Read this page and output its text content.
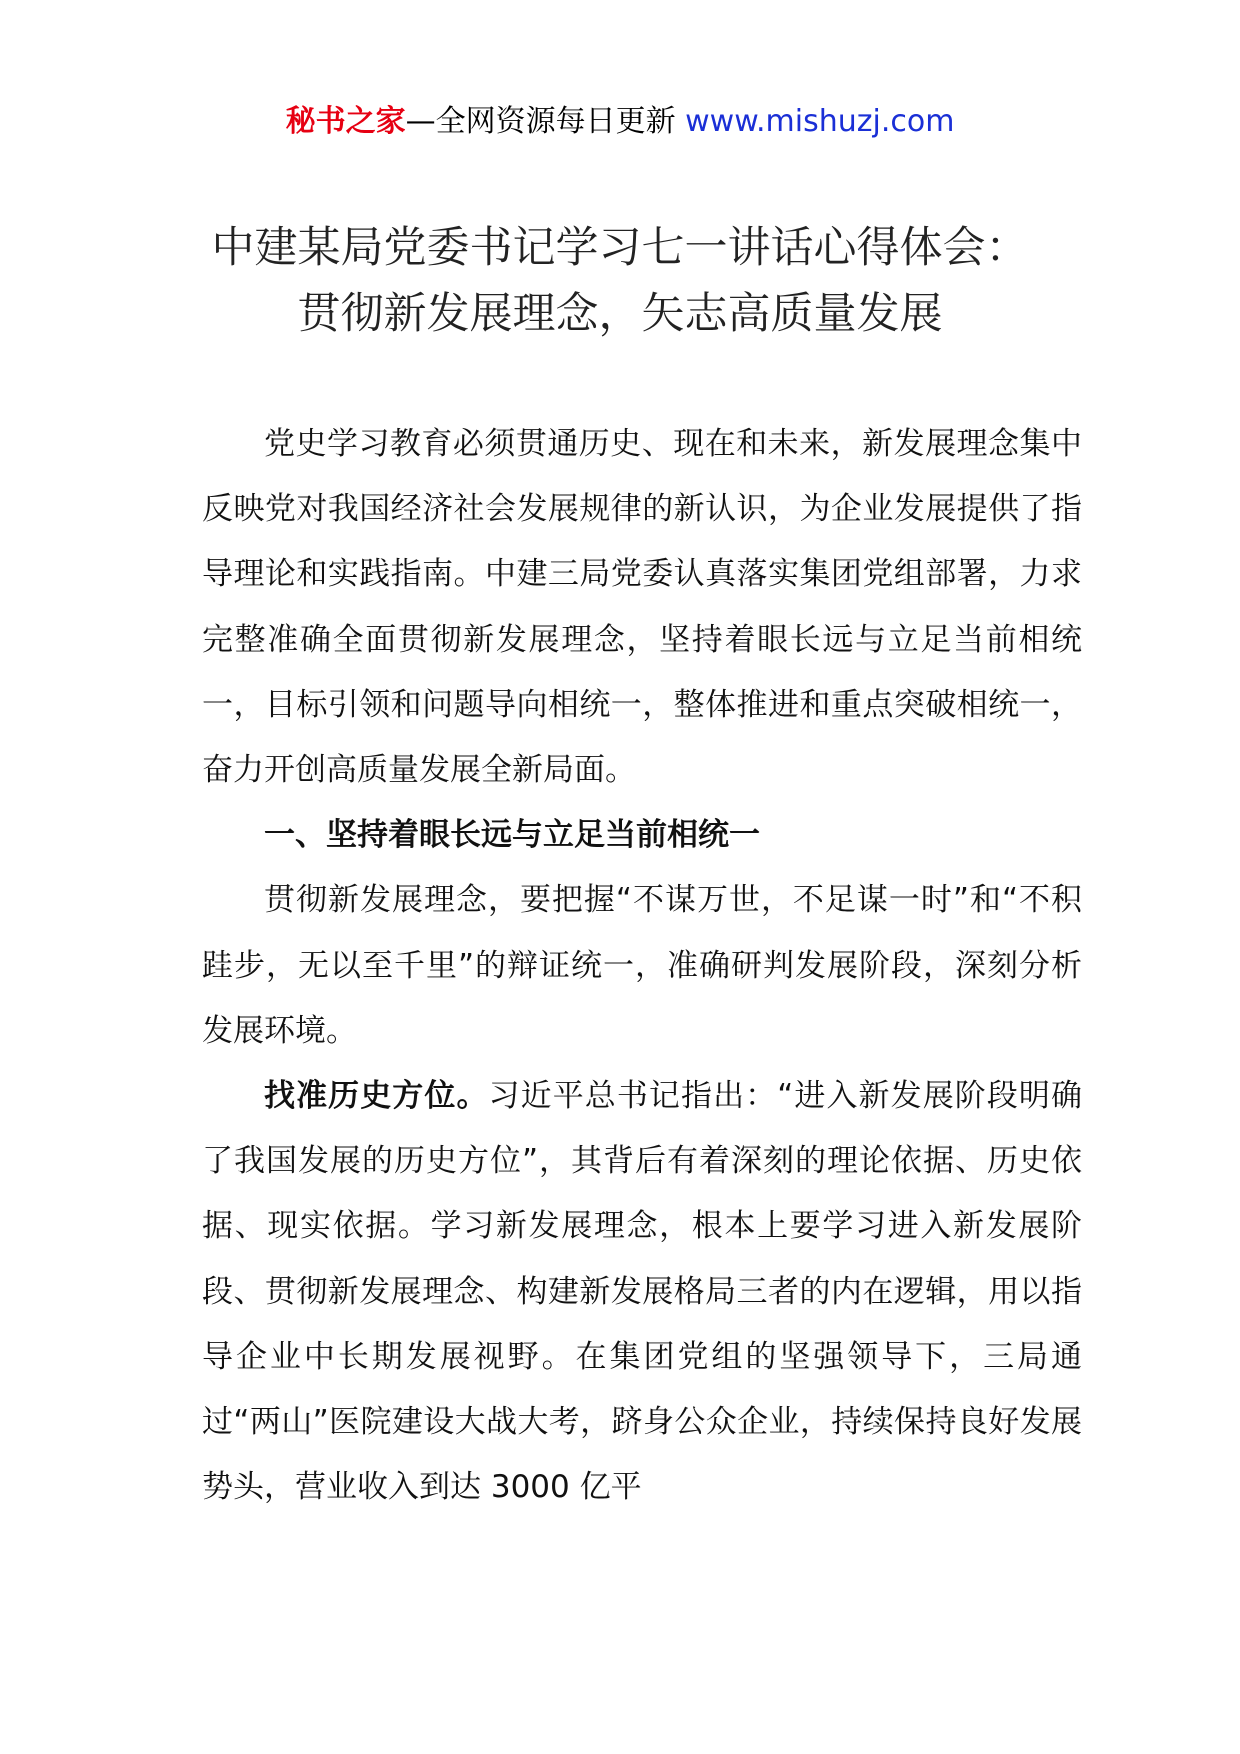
秘书之家—全网资源每日更新 www.mishuzj.com
中建某局党委书记学习七一讲话心得体会：
贯彻新发展理念，矢志高质量发展

党史学习教育必须贯通历史、现在和未来，新发展理念集中反映党对我国经济社会发展规律的新认识，为企业发展提供了指导理论和实践指南。中建三局党委认真落实集团党组部署，力求完整准确全面贯彻新发展理念，坚持着眼长远与立足当前相统一，目标引领和问题导向相统一，整体推进和重点突破相统一，奋力开创高质量发展全新局面。

一、坚持着眼长远与立足当前相统一

贯彻新发展理念，要把握“不谋万世，不足谋一时”和“不积跬步，无以至千里”的辩证统一，准确研判发展阶段，深刻分析发展环境。

找准历史方位。习近平总书记指出：“进入新发展阶段明确了我国发展的历史方位”，其背后有着深刻的理论依据、历史依据、现实依据。学习新发展理念，根本上要学习进入新发展阶段、贯彻新发展理念、构建新发展格局三者的内在逻辑，用以指导企业中长期发展视野。在集团党组的坚强领导下，三局通过“两山”医院建设大战大考，跻身公众企业，持续保持良好发展势头，营业收入到达 3000 亿平
